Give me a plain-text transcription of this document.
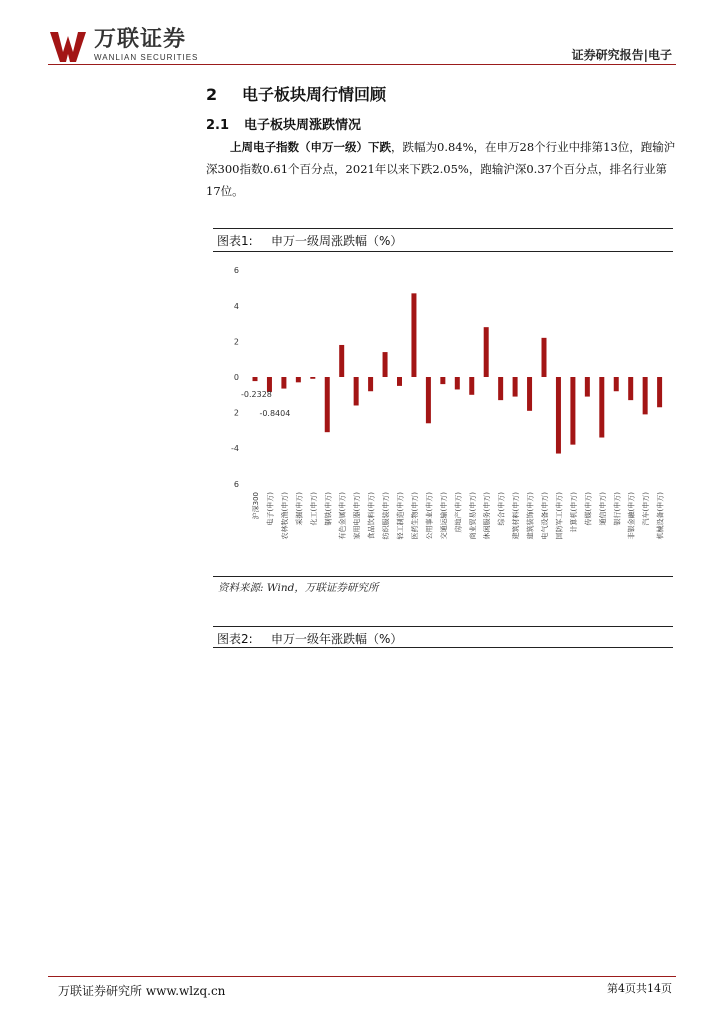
万联证券
WANLIAN SECURITIES	证券研究报告|电子
2 电子板块周行情回顾
2.1 电子板块周涨跌情况

上周电子指数（申万一级）下跌，跌幅为0.84%，在申万28个行业中排第13位，跑输沪深300指数0.61个百分点，2021年以来下跌2.05%，跑输沪深0.37个百分点，排名行业第17位。

图表1: 申万一级周涨跌幅（%）
6
4
2
0
2
-4
6
沪深300 电子(申万) 农林牧渔(申万) 采掘(申万) 化工(申万) 钢铁(申万) 有色金属(申万) 家用电器(申万) 食品饮料(申万) 纺织服装(申万) 轻工制造(申万) 医药生物(申万) 公用事业(申万) 交通运输(申万) 房地产(申万) 商业贸易(申万) 休闲服务(申万) 综合(申万) 建筑材料(申万) 建筑装饰(申万) 电气设备(申万) 国防军工(申万) 计算机(申万) 传媒(申万) 通信(申万) 银行(申万) 非银金融(申万) 汽车(申万) 机械设备(申万)
-0.2328
-0.8404
资料来源: Wind，万联证券研究所
图表2: 申万一级年涨跌幅（%）
万联证券研究所 www.wlzq.cn	第4页共14页
